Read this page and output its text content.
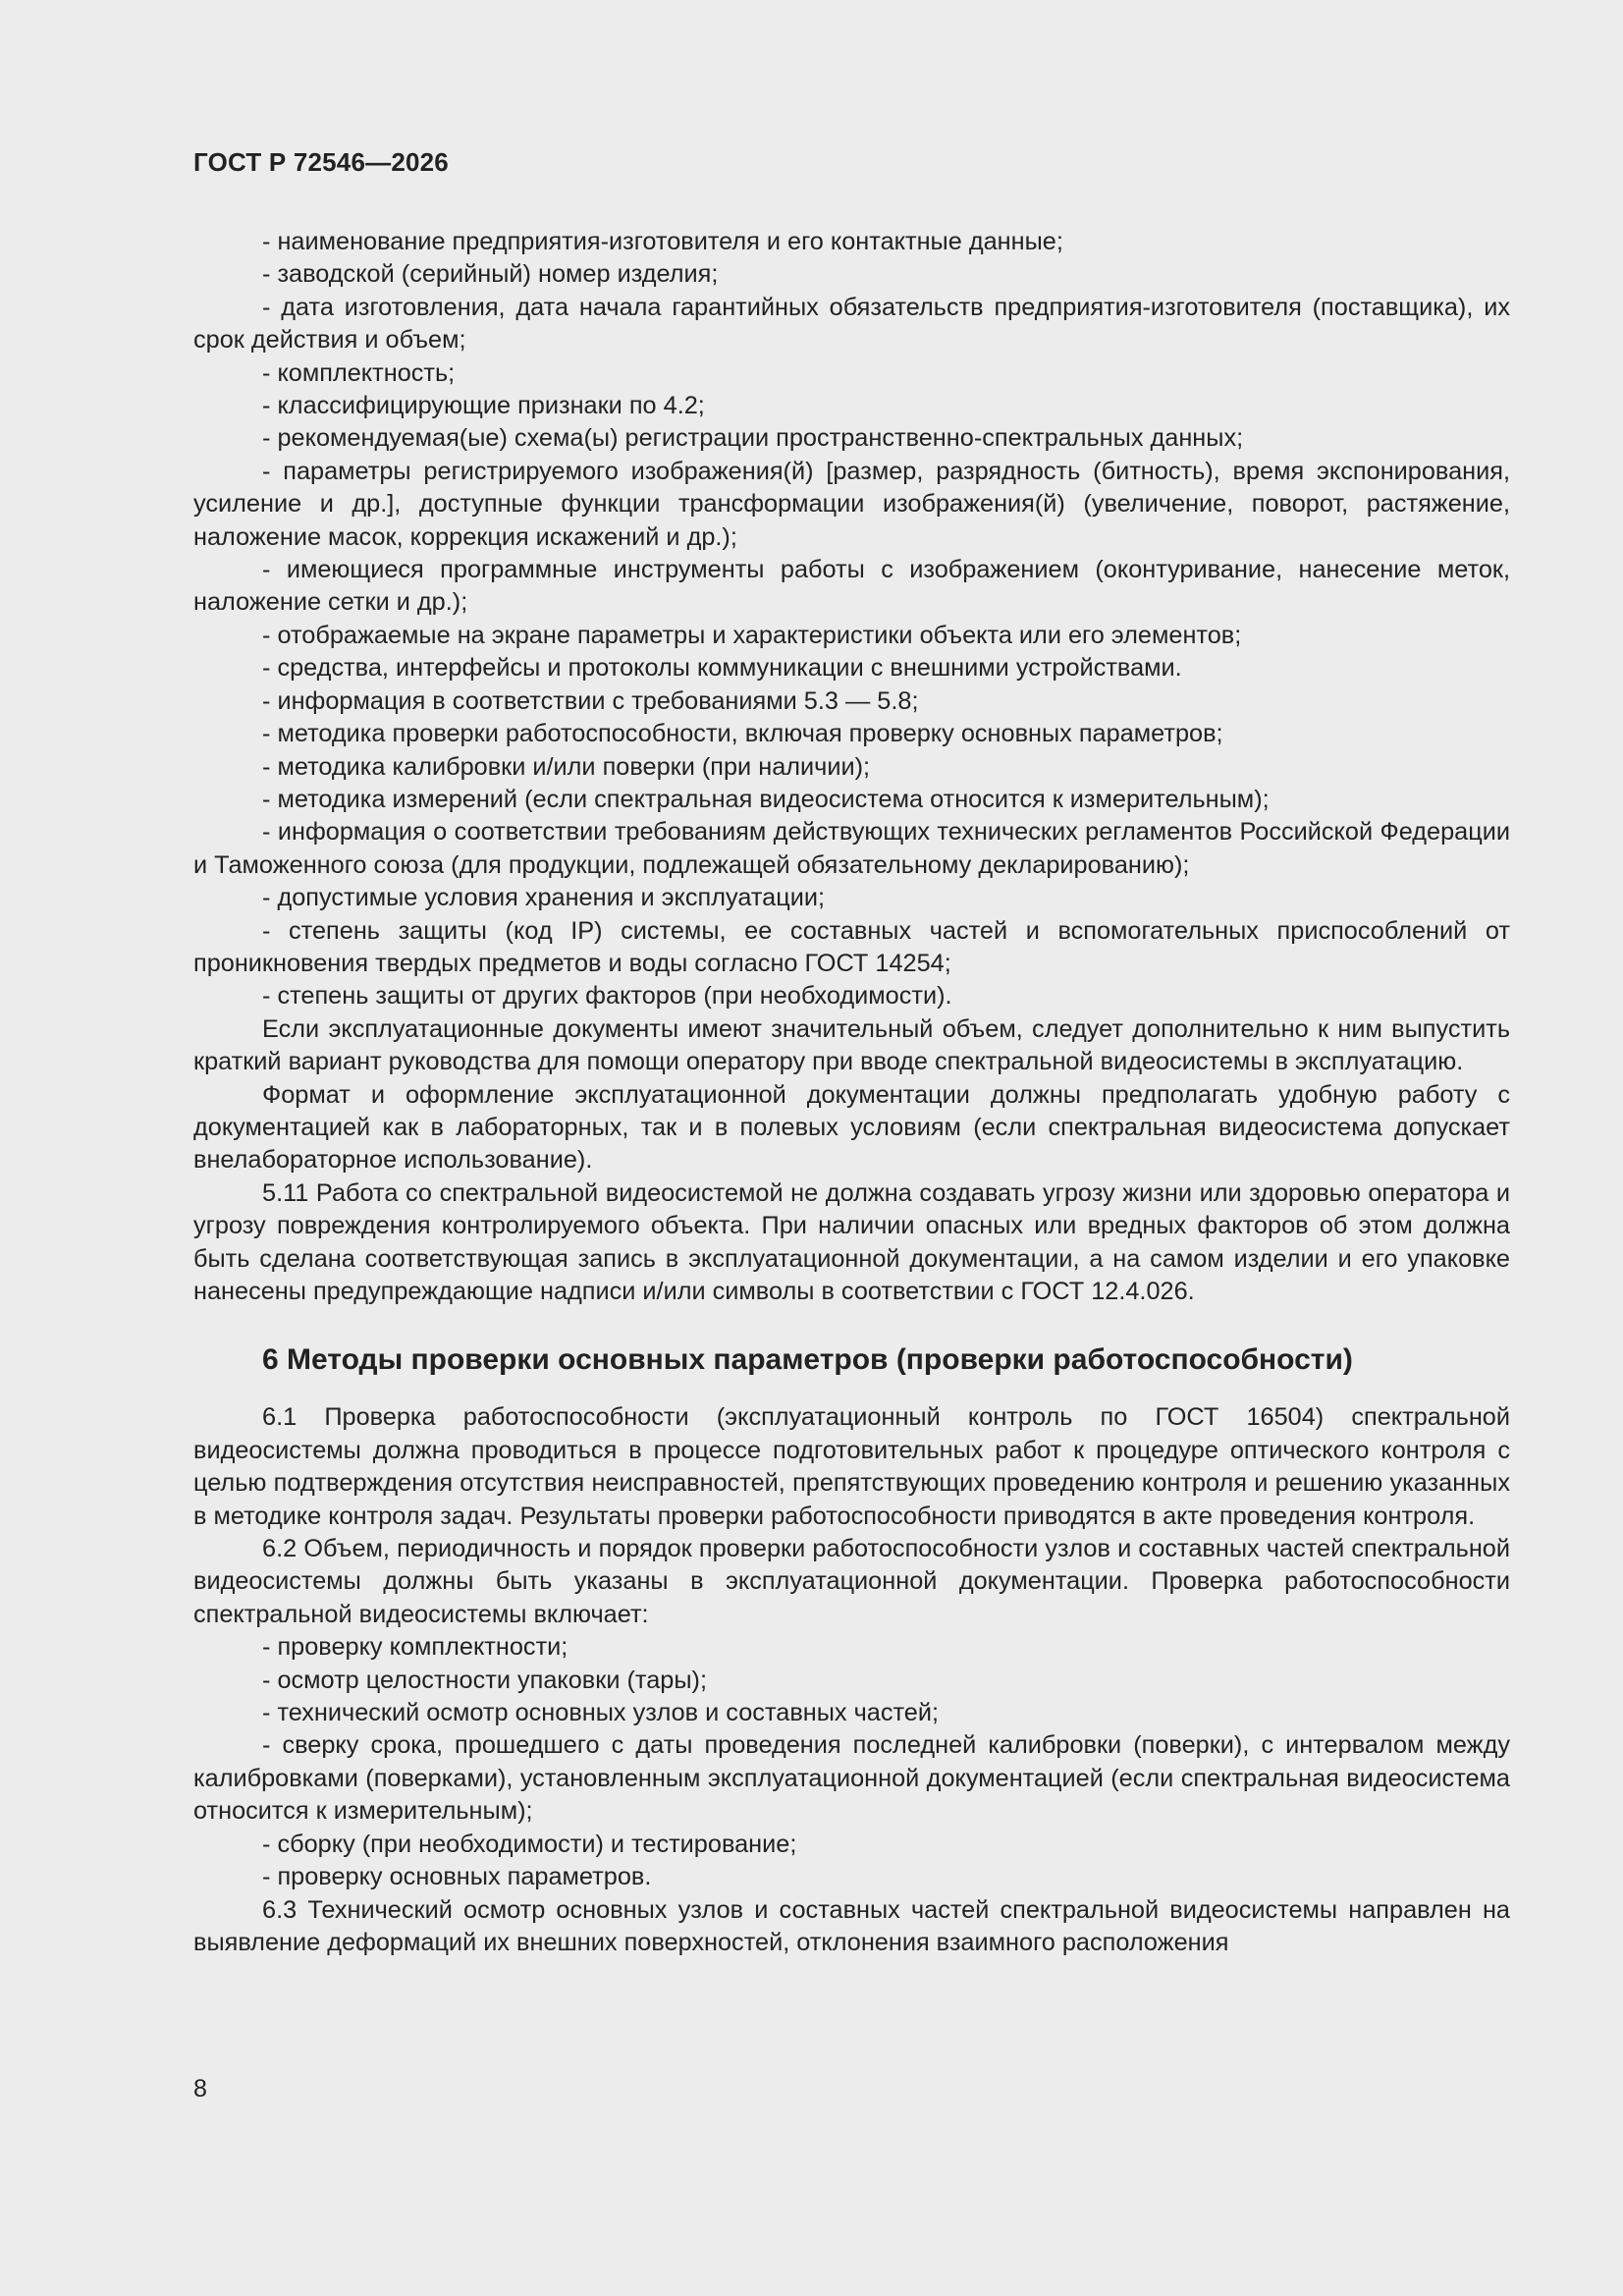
ГОСТ Р 72546—2026

- наименование предприятия-изготовителя и его контактные данные;

- заводской (серийный) номер изделия;

- дата изготовления, дата начала гарантийных обязательств предприятия-изготовителя (поставщика), их срок действия и объем;

- комплектность;

- классифицирующие признаки по 4.2;

- рекомендуемая(ые) схема(ы) регистрации пространственно-спектральных данных;

- параметры регистрируемого изображения(й) [размер, разрядность (битность), время экспонирования, усиление и др.], доступные функции трансформации изображения(й) (увеличение, поворот, растяжение, наложение масок, коррекция искажений и др.);

- имеющиеся программные инструменты работы с изображением (оконтуривание, нанесение меток, наложение сетки и др.);

- отображаемые на экране параметры и характеристики объекта или его элементов;

- средства, интерфейсы и протоколы коммуникации с внешними устройствами.

- информация в соответствии с требованиями 5.3 — 5.8;

- методика проверки работоспособности, включая проверку основных параметров;

- методика калибровки и/или поверки (при наличии);

- методика измерений (если спектральная видеосистема относится к измерительным);

- информация о соответствии требованиям действующих технических регламентов Российской Федерации и Таможенного союза (для продукции, подлежащей обязательному декларированию);

- допустимые условия хранения и эксплуатации;

- степень защиты (код IP) системы, ее составных частей и вспомогательных приспособлений от проникновения твердых предметов и воды согласно ГОСТ 14254;

- степень защиты от других факторов (при необходимости).

Если эксплуатационные документы имеют значительный объем, следует дополнительно к ним выпустить краткий вариант руководства для помощи оператору при вводе спектральной видеосистемы в эксплуатацию.

Формат и оформление эксплуатационной документации должны предполагать удобную работу с документацией как в лабораторных, так и в полевых условиям (если спектральная видеосистема допускает внелабораторное использование).

5.11 Работа со спектральной видеосистемой не должна создавать угрозу жизни или здоровью оператора и угрозу повреждения контролируемого объекта. При наличии опасных или вредных факторов об этом должна быть сделана соответствующая запись в эксплуатационной документации, а на самом изделии и его упаковке нанесены предупреждающие надписи и/или символы в соответствии с ГОСТ 12.4.026.

6 Методы проверки основных параметров (проверки работоспособности)

6.1 Проверка работоспособности (эксплуатационный контроль по ГОСТ 16504) спектральной видеосистемы должна проводиться в процессе подготовительных работ к процедуре оптического контроля с целью подтверждения отсутствия неисправностей, препятствующих проведению контроля и решению указанных в методике контроля задач. Результаты проверки работоспособности приводятся в акте проведения контроля.

6.2 Объем, периодичность и порядок проверки работоспособности узлов и составных частей спектральной видеосистемы должны быть указаны в эксплуатационной документации. Проверка работоспособности спектральной видеосистемы включает:

- проверку комплектности;

- осмотр целостности упаковки (тары);

- технический осмотр основных узлов и составных частей;

- сверку срока, прошедшего с даты проведения последней калибровки (поверки), с интервалом между калибровками (поверками), установленным эксплуатационной документацией (если спектральная видеосистема относится к измерительным);

- сборку (при необходимости) и тестирование;

- проверку основных параметров.

6.3 Технический осмотр основных узлов и составных частей спектральной видеосистемы направлен на выявление деформаций их внешних поверхностей, отклонения взаимного расположения

8
